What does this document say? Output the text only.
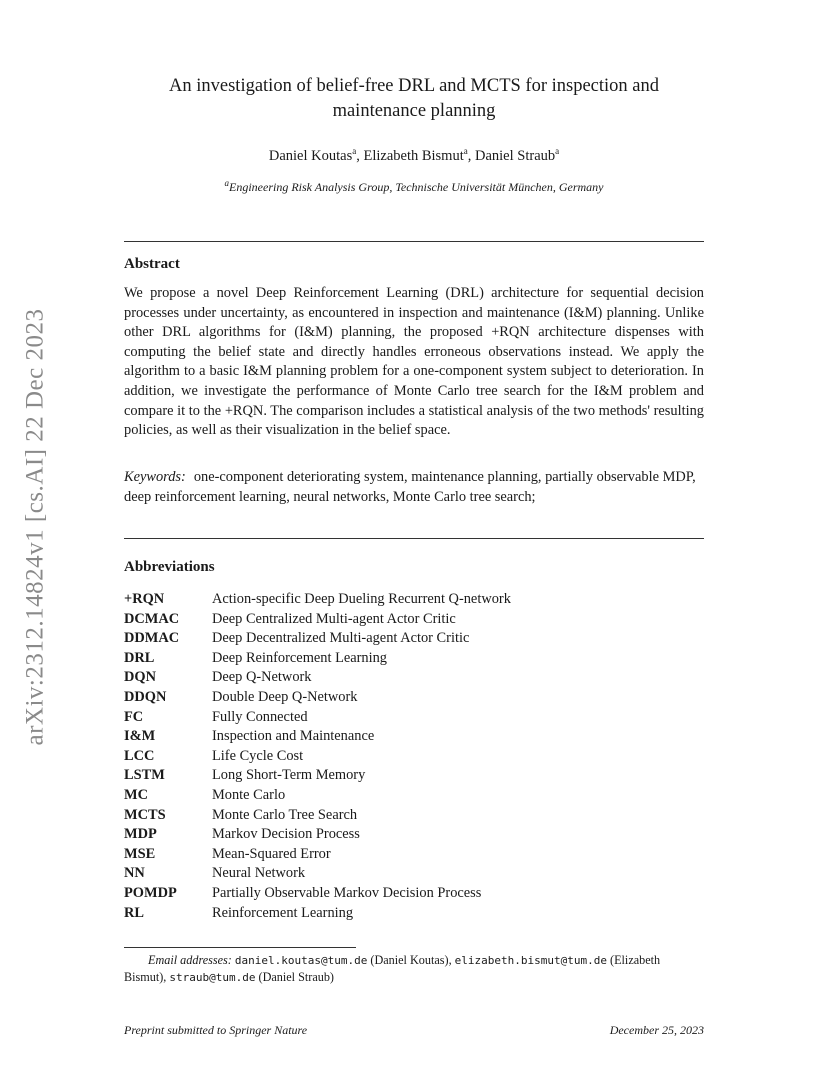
arXiv:2312.14824v1 [cs.AI] 22 Dec 2023
An investigation of belief-free DRL and MCTS for inspection and maintenance planning
Daniel Koutas$^a$, Elizabeth Bismut$^a$, Daniel Straub$^a$
$^a$Engineering Risk Analysis Group, Technische Universität München, Germany
Abstract
We propose a novel Deep Reinforcement Learning (DRL) architecture for sequential decision processes under uncertainty, as encountered in inspection and maintenance (I&M) planning. Unlike other DRL algorithms for (I&M) planning, the proposed +RQN architecture dispenses with computing the belief state and directly handles erroneous observations instead. We apply the algorithm to a basic I&M planning problem for a one-component system subject to deterioration. In addition, we investigate the performance of Monte Carlo tree search for the I&M problem and compare it to the +RQN. The comparison includes a statistical analysis of the two methods' resulting policies, as well as their visualization in the belief space.
Keywords: one-component deteriorating system, maintenance planning, partially observable MDP, deep reinforcement learning, neural networks, Monte Carlo tree search;
Abbreviations
+RQN	Action-specific Deep Dueling Recurrent Q-network
DCMAC	Deep Centralized Multi-agent Actor Critic
DDMAC	Deep Decentralized Multi-agent Actor Critic
DRL	Deep Reinforcement Learning
DQN	Deep Q-Network
DDQN	Double Deep Q-Network
FC	Fully Connected
I&M	Inspection and Maintenance
LCC	Life Cycle Cost
LSTM	Long Short-Term Memory
MC	Monte Carlo
MCTS	Monte Carlo Tree Search
MDP	Markov Decision Process
MSE	Mean-Squared Error
NN	Neural Network
POMDP	Partially Observable Markov Decision Process
RL	Reinforcement Learning
Email addresses: daniel.koutas@tum.de (Daniel Koutas), elizabeth.bismut@tum.de (Elizabeth Bismut), straub@tum.de (Daniel Straub)
Preprint submitted to Springer Nature	December 25, 2023
